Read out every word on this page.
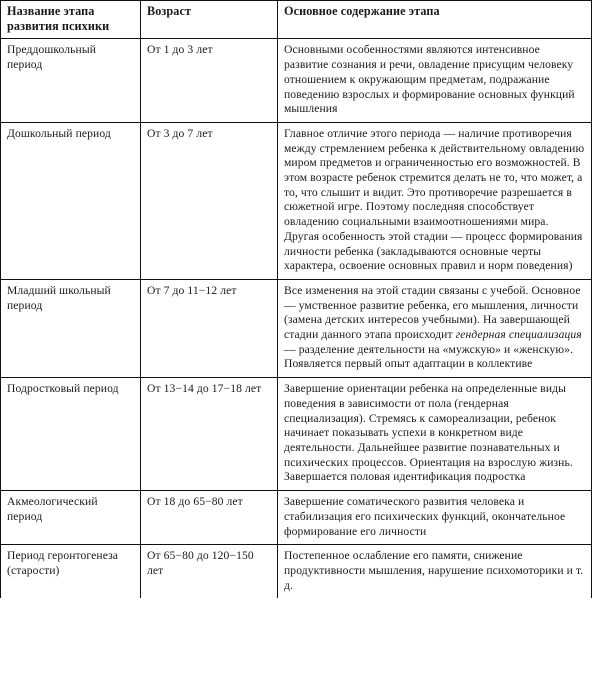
Название этапа развития психики	Возраст	Основное содержание этапа
Преддошкольный период	От 1 до 3 лет	Основными особенностями являются интенсивное развитие сознания и речи, овладение присущим человеку отношением к окружающим предметам, подражание поведению взрослых и формирование основных функций мышления

Дошкольный период	От 3 до 7 лет	Главное отличие этого периода — наличие противоречия между стремлением ребенка к действительному овладению миром предметов и ограниченностью его возможностей. В этом возрасте ребенок стремится делать не то, что может, а то, что слышит и видит. Это противоречие разрешается в сюжетной игре. Поэтому последняя способствует овладению социальными взаимоотношениями мира. Другая особенность этой стадии — процесс формирования личности ребенка (закладываются основные черты характера, освоение основных правил и норм поведения)

Младший школьный период	От 7 до 11−12 лет	Все изменения на этой стадии связаны с учебой. Основное — умственное развитие ребенка, его мышления, личности (замена детских интересов учебными). На завершающей стадии данного этапа происходит гендерная специализация — разделение деятельности на «мужскую» и «женскую». Появляется первый опыт адаптации в коллективе

Подростковый период	От 13−14 до 17−18 лет	Завершение ориентации ребенка на определенные виды поведения в зависимости от пола (гендерная специализация). Стремясь к самореализации, ребенок начинает показывать успехи в конкретном виде деятельности. Дальнейшее развитие познавательных и психических процессов. Ориентация на взрослую жизнь. Завершается половая идентификация подростка

Акмеологический период	От 18 до 65−80 лет	Завершение соматического развития человека и стабилизация его психических функций, окончательное формирование его личности

Период геронтогенеза (старости)	От 65−80 до 120−150 лет	Постепенное ослабление его памяти, снижение продуктивности мышления, нарушение психомоторики и т. д.
